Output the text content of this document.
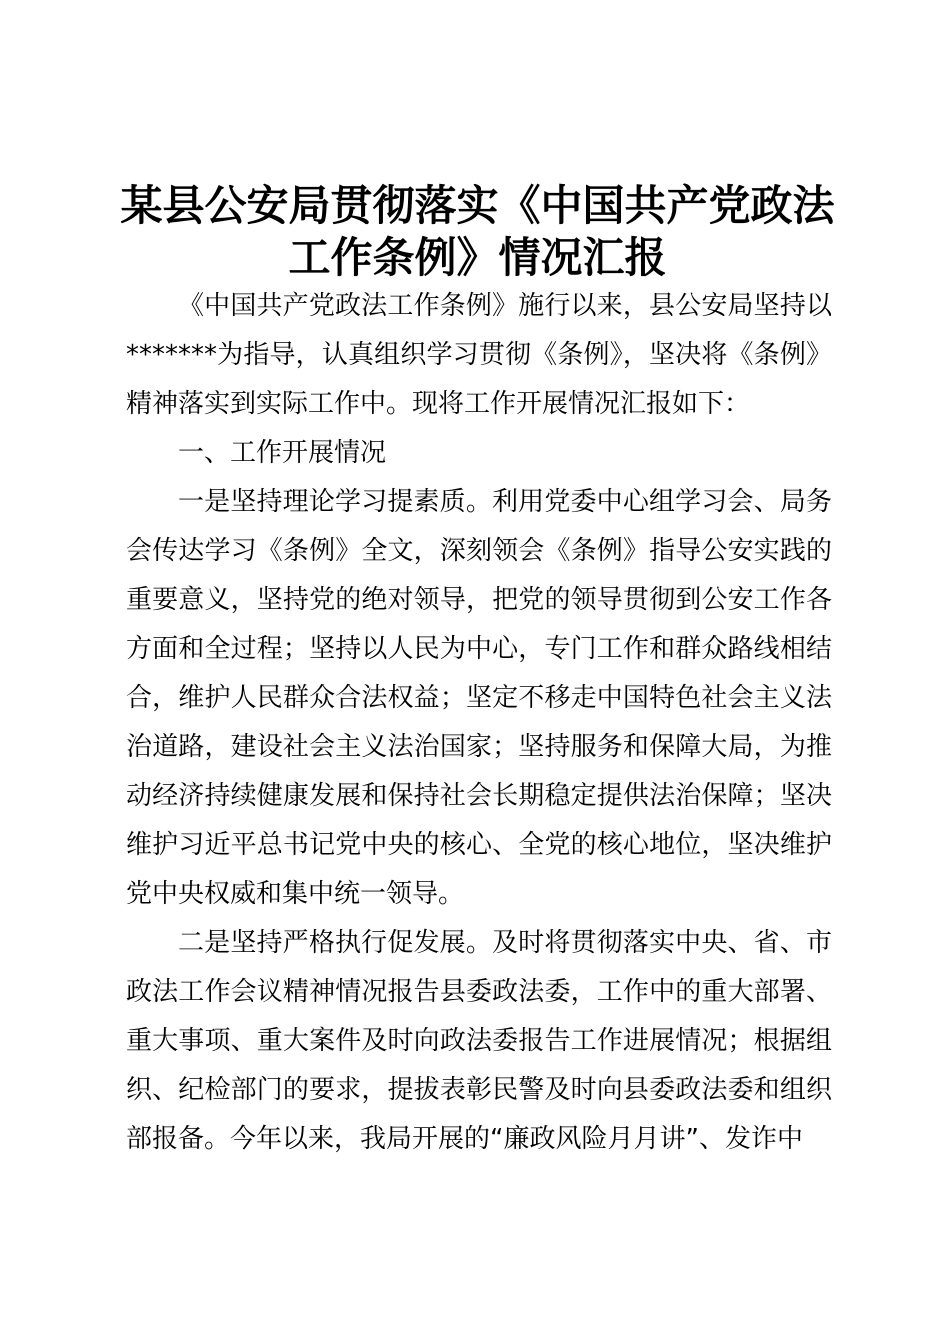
某县公安局贯彻落实《中国共产党政法工作条例》情况汇报

《中国共产党政法工作条例》施行以来，县公安局坚持以*******为指导，认真组织学习贯彻《条例》，坚决将《条例》精神落实到实际工作中。现将工作开展情况汇报如下：

一、工作开展情况

一是坚持理论学习提素质。利用党委中心组学习会、局务会传达学习《条例》全文，深刻领会《条例》指导公安实践的重要意义，坚持党的绝对领导，把党的领导贯彻到公安工作各方面和全过程；坚持以人民为中心，专门工作和群众路线相结合，维护人民群众合法权益；坚定不移走中国特色社会主义法治道路，建设社会主义法治国家；坚持服务和保障大局，为推动经济持续健康发展和保持社会长期稳定提供法治保障；坚决维护习近平总书记党中央的核心、全党的核心地位，坚决维护党中央权威和集中统一领导。

二是坚持严格执行促发展。及时将贯彻落实中央、省、市政法工作会议精神情况报告县委政法委，工作中的重大部署、重大事项、重大案件及时向政法委报告工作进展情况；根据组织、纪检部门的要求，提拔表彰民警及时向县委政法委和组织部报备。今年以来，我局开展的“廉政风险月月讲”、发诈中
